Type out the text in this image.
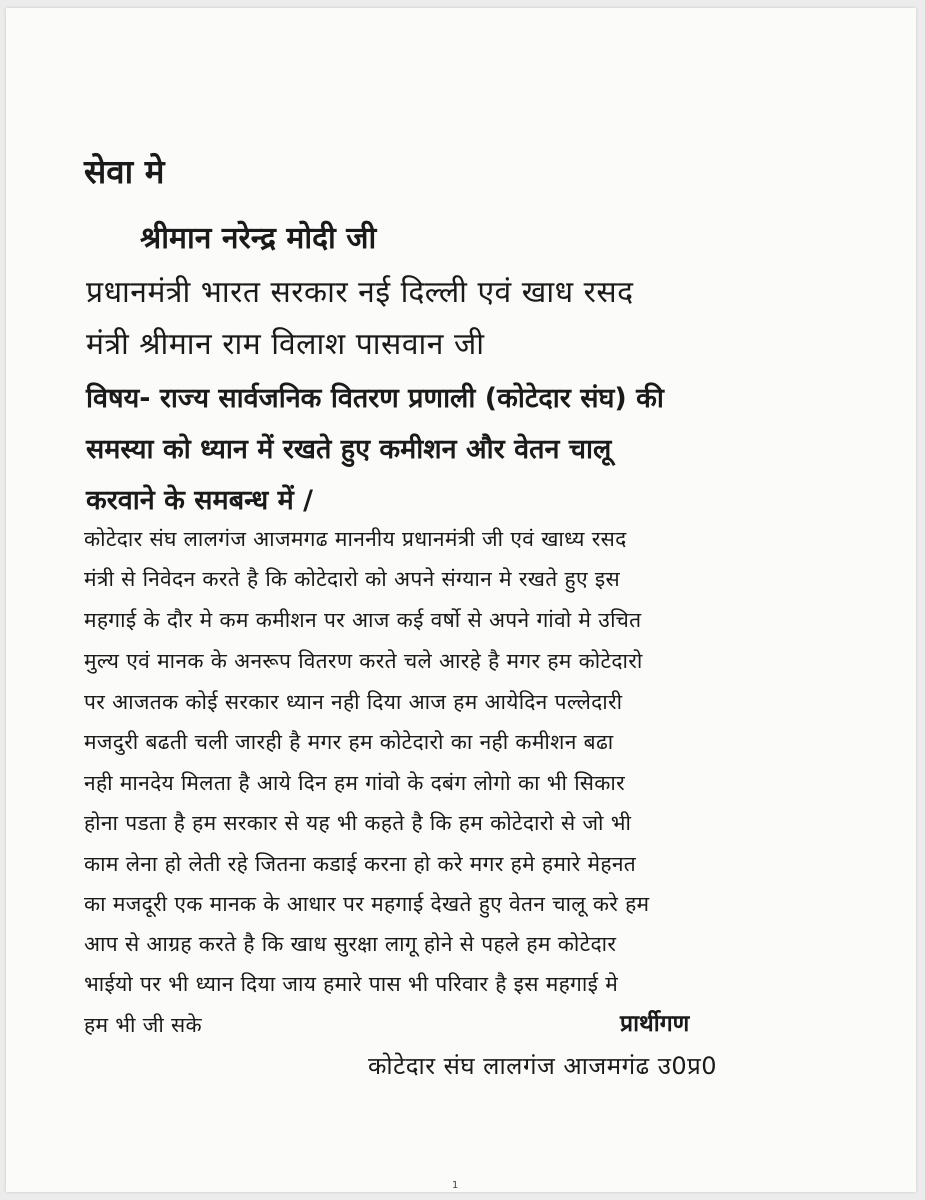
सेवा मे
श्रीमान नरेन्द्र मोदी जी
प्रधानमंत्री भारत सरकार नई दिल्ली एवं खाध रसद
मंत्री श्रीमान राम विलाश पासवान जी
विषय- राज्य सार्वजनिक वितरण प्रणाली (कोटेदार संघ) की
समस्या को ध्यान में रखते हुए कमीशन और वेतन चालू
करवाने के समबन्ध में /
कोटेदार संघ लालगंज आजमगढ माननीय प्रधानमंत्री जी एवं खाध्य रसद
मंत्री से निवेदन करते है कि कोटेदारो को अपने संग्यान मे रखते हुए इस
महगाई के दौर मे कम कमीशन पर आज कई वर्षो से अपने गांवो मे उचित
मुल्य एवं मानक के अनरूप वितरण करते चले आरहे है मगर हम कोटेदारो
पर आजतक कोई सरकार ध्यान नही दिया आज हम आयेदिन पल्लेदारी
मजदुरी बढती चली जारही है मगर हम कोटेदारो का नही कमीशन बढा
नही मानदेय मिलता है आये दिन हम गांवो के दबंग लोगो का भी सिकार
होना पडता है हम सरकार से यह भी कहते है कि हम कोटेदारो से जो भी
काम लेना हो लेती रहे जितना कडाई करना हो करे मगर हमे हमारे मेहनत
का मजदूरी एक मानक के आधार पर महगाई देखते हुए वेतन चालू करे हम
आप से आग्रह करते है कि खाध सुरक्षा लागू होने से पहले हम कोटेदार
भाईयो पर भी ध्यान दिया जाय हमारे पास भी परिवार है इस महगाई मे
हम भी जी सके	प्रार्थीगण
कोटेदार संघ लालगंज आजमगंढ उ0प्र0
1
